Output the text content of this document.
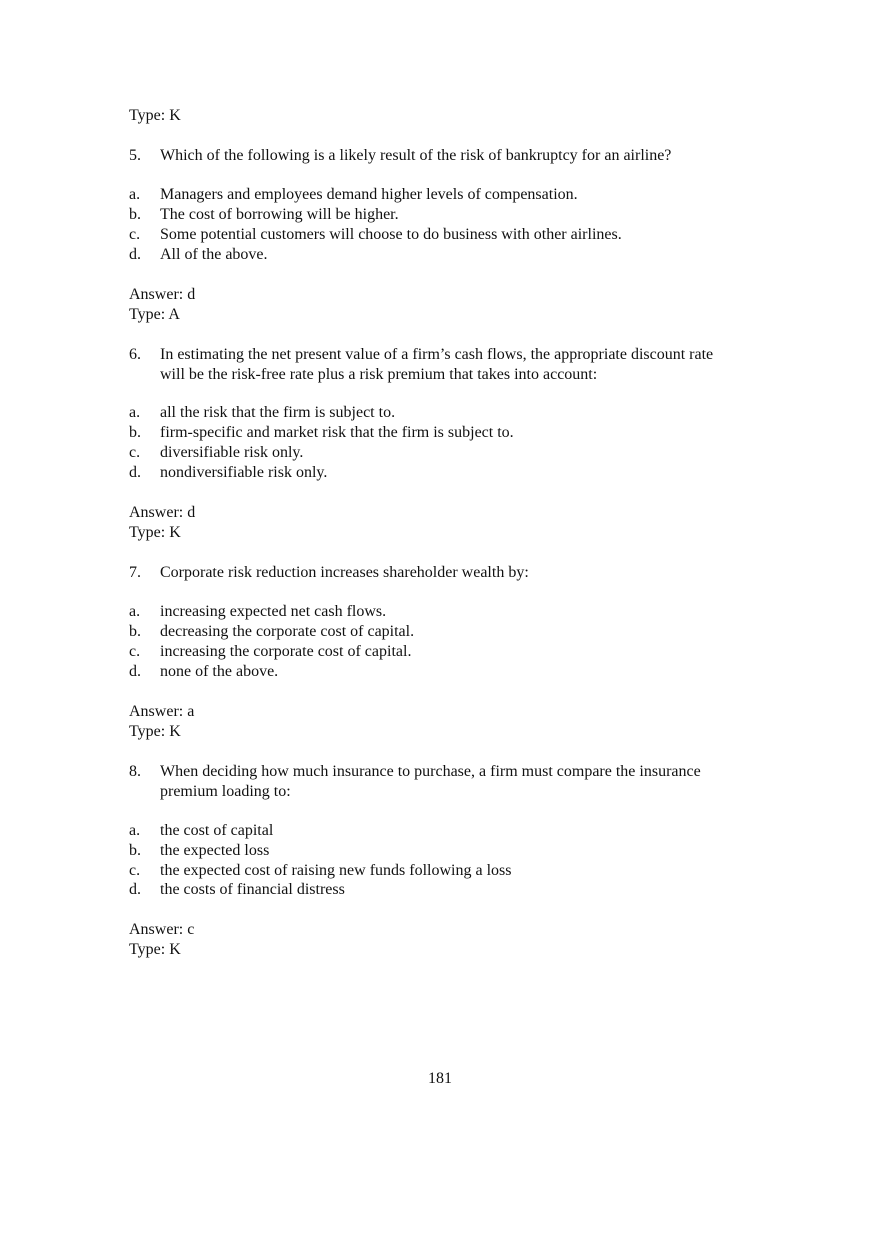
Type: K
5. Which of the following is a likely result of the risk of bankruptcy for an airline?
a. Managers and employees demand higher levels of compensation.
b. The cost of borrowing will be higher.
c. Some potential customers will choose to do business with other airlines.
d. All of the above.
Answer: d
Type: A
6. In estimating the net present value of a firm’s cash flows, the appropriate discount rate will be the risk-free rate plus a risk premium that takes into account:
a. all the risk that the firm is subject to.
b. firm-specific and market risk that the firm is subject to.
c. diversifiable risk only.
d. nondiversifiable risk only.
Answer: d
Type: K
7. Corporate risk reduction increases shareholder wealth by:
a. increasing expected net cash flows.
b. decreasing the corporate cost of capital.
c. increasing the corporate cost of capital.
d. none of the above.
Answer: a
Type: K
8. When deciding how much insurance to purchase, a firm must compare the insurance premium loading to:
a. the cost of capital
b. the expected loss
c. the expected cost of raising new funds following a loss
d. the costs of financial distress
Answer: c
Type: K
181
